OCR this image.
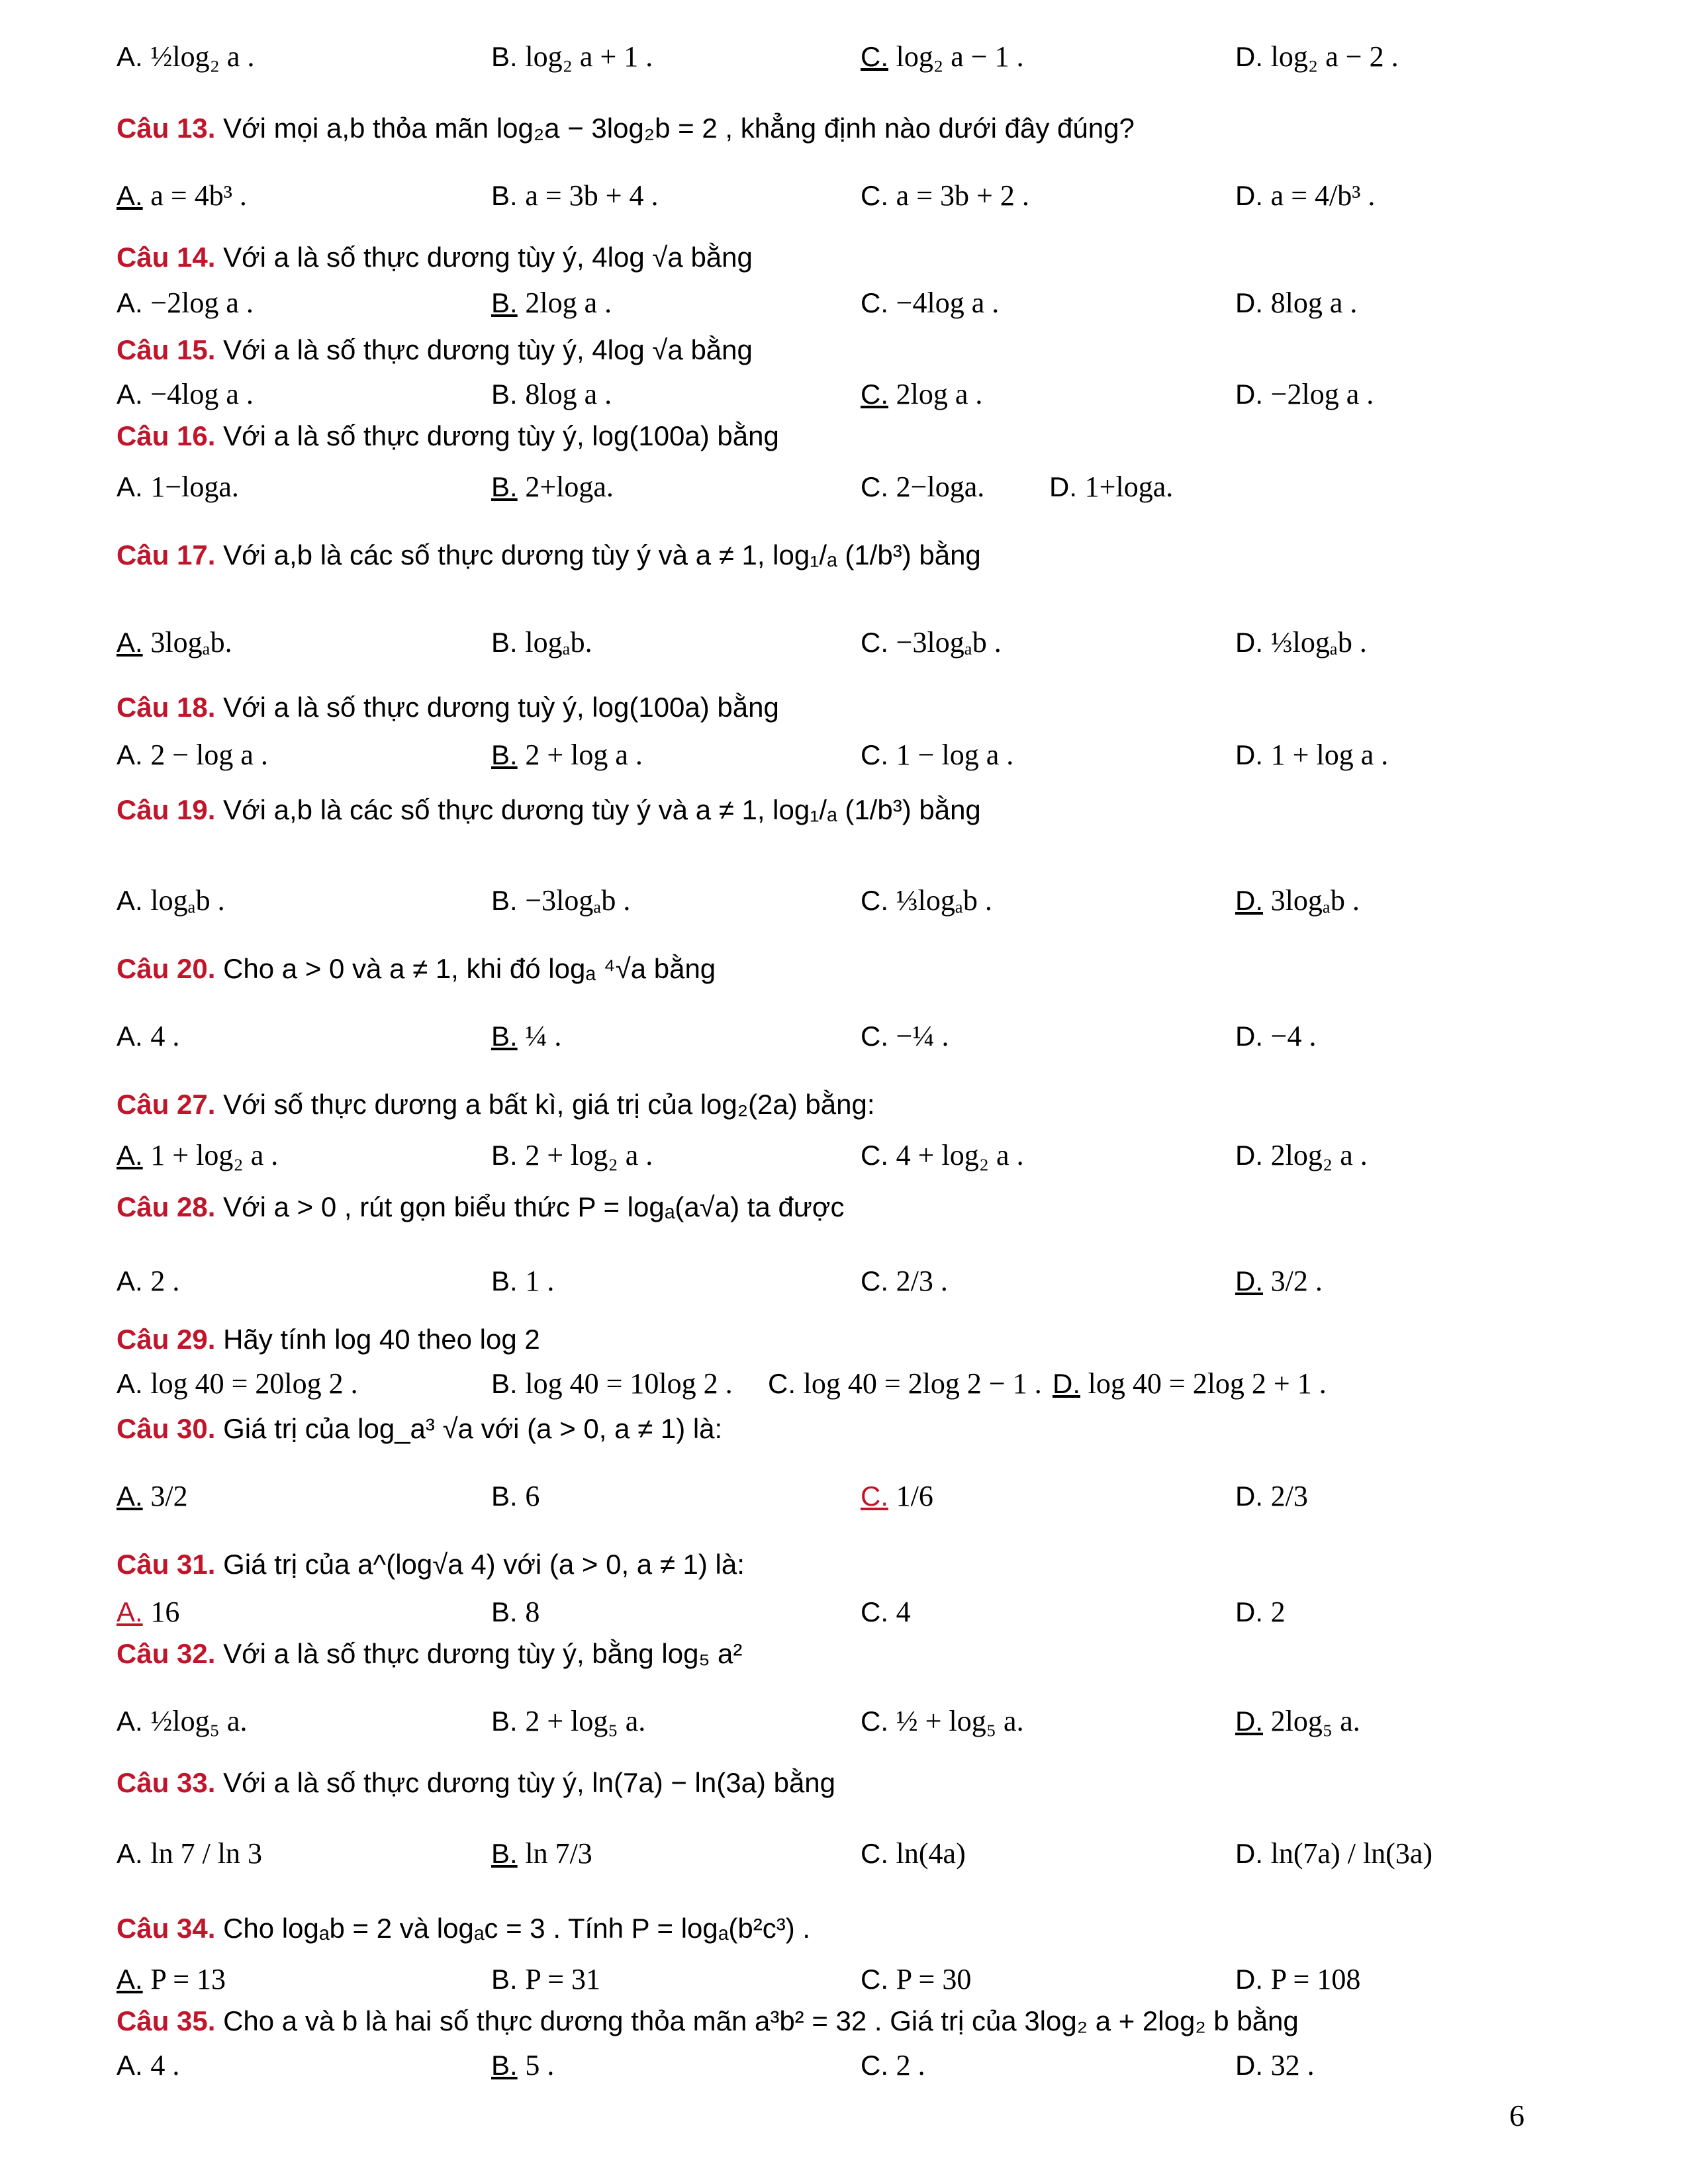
A. ½log₂ a .	B. log₂ a + 1 .	C. log₂ a − 1 .	D. log₂ a − 2 .
Câu 13. Với mọi a,b thỏa mãn log₂a − 3log₂b = 2 , khẳng định nào dưới đây đúng?
A. a = 4b³ .	B. a = 3b + 4 .	C. a = 3b + 2 .	D. a = 4/b³ .
Câu 14. Với a là số thực dương tùy ý, 4log √a bằng
A. −2log a .	B. 2log a .	C. −4log a .	D. 8log a .
Câu 15. Với a là số thực dương tùy ý, 4log √a bằng
A. −4log a .	B. 8log a .	C. 2log a .	D. −2log a .
Câu 16. Với a là số thực dương tùy ý, log(100a) bằng
A. 1−loga.	B. 2+loga.	C. 2−loga. D. 1+loga.
Câu 17. Với a,b là các số thực dương tùy ý và a ≠ 1, log₁/ₐ (1/b³) bằng
A. 3logₐb.	B. logₐb.	C. −3logₐb .	D. ⅓logₐb .
Câu 18. Với a là số thực dương tuỳ ý, log(100a) bằng
A. 2 − log a .	B. 2 + log a .	C. 1 − log a .	D. 1 + log a .
Câu 19. Với a,b là các số thực dương tùy ý và a ≠ 1, log₁/ₐ (1/b³) bằng
A. logₐb .	B. −3logₐb .	C. ⅓logₐb .	D. 3logₐb .
Câu 20. Cho a > 0 và a ≠ 1, khi đó logₐ ⁴√a bằng
A. 4 .	B. ¼ .	C. −¼ .	D. −4 .
Câu 27. Với số thực dương a bất kì, giá trị của log₂(2a) bằng:
A. 1 + log₂ a .	B. 2 + log₂ a .	C. 4 + log₂ a .	D. 2log₂ a .
Câu 28. Với a > 0 , rút gọn biểu thức P = logₐ(a√a) ta được
A. 2 .	B. 1 .	C. 2/3 .	D. 3/2 .
Câu 29. Hãy tính log 40 theo log 2
A. log 40 = 20log 2 .	B. log 40 = 10log 2 . C. log 40 = 2log 2 − 1 . D. log 40 = 2log 2 + 1 .
Câu 30. Giá trị của log_a³ √a với (a > 0, a ≠ 1) là:
A. 3/2	B. 6	C. 1/6	D. 2/3
Câu 31. Giá trị của a^(log√a 4) với (a > 0, a ≠ 1) là:
A. 16	B. 8	C. 4	D. 2
Câu 32. Với a là số thực dương tùy ý, bằng log₅ a²
A. ½log₅ a.	B. 2 + log₅ a.	C. ½ + log₅ a.	D. 2log₅ a.
Câu 33. Với a là số thực dương tùy ý, ln(7a) − ln(3a) bằng
A. ln 7 / ln 3	B. ln 7/3	C. ln(4a)	D. ln(7a) / ln(3a)
Câu 34. Cho logₐb = 2 và logₐc = 3 . Tính P = logₐ(b²c³) .
A. P = 13	B. P = 31	C. P = 30	D. P = 108
Câu 35. Cho a và b là hai số thực dương thỏa mãn a³b² = 32 . Giá trị của 3log₂ a + 2log₂ b bằng
A. 4 .	B. 5 .	C. 2 .	D. 32 .
6
